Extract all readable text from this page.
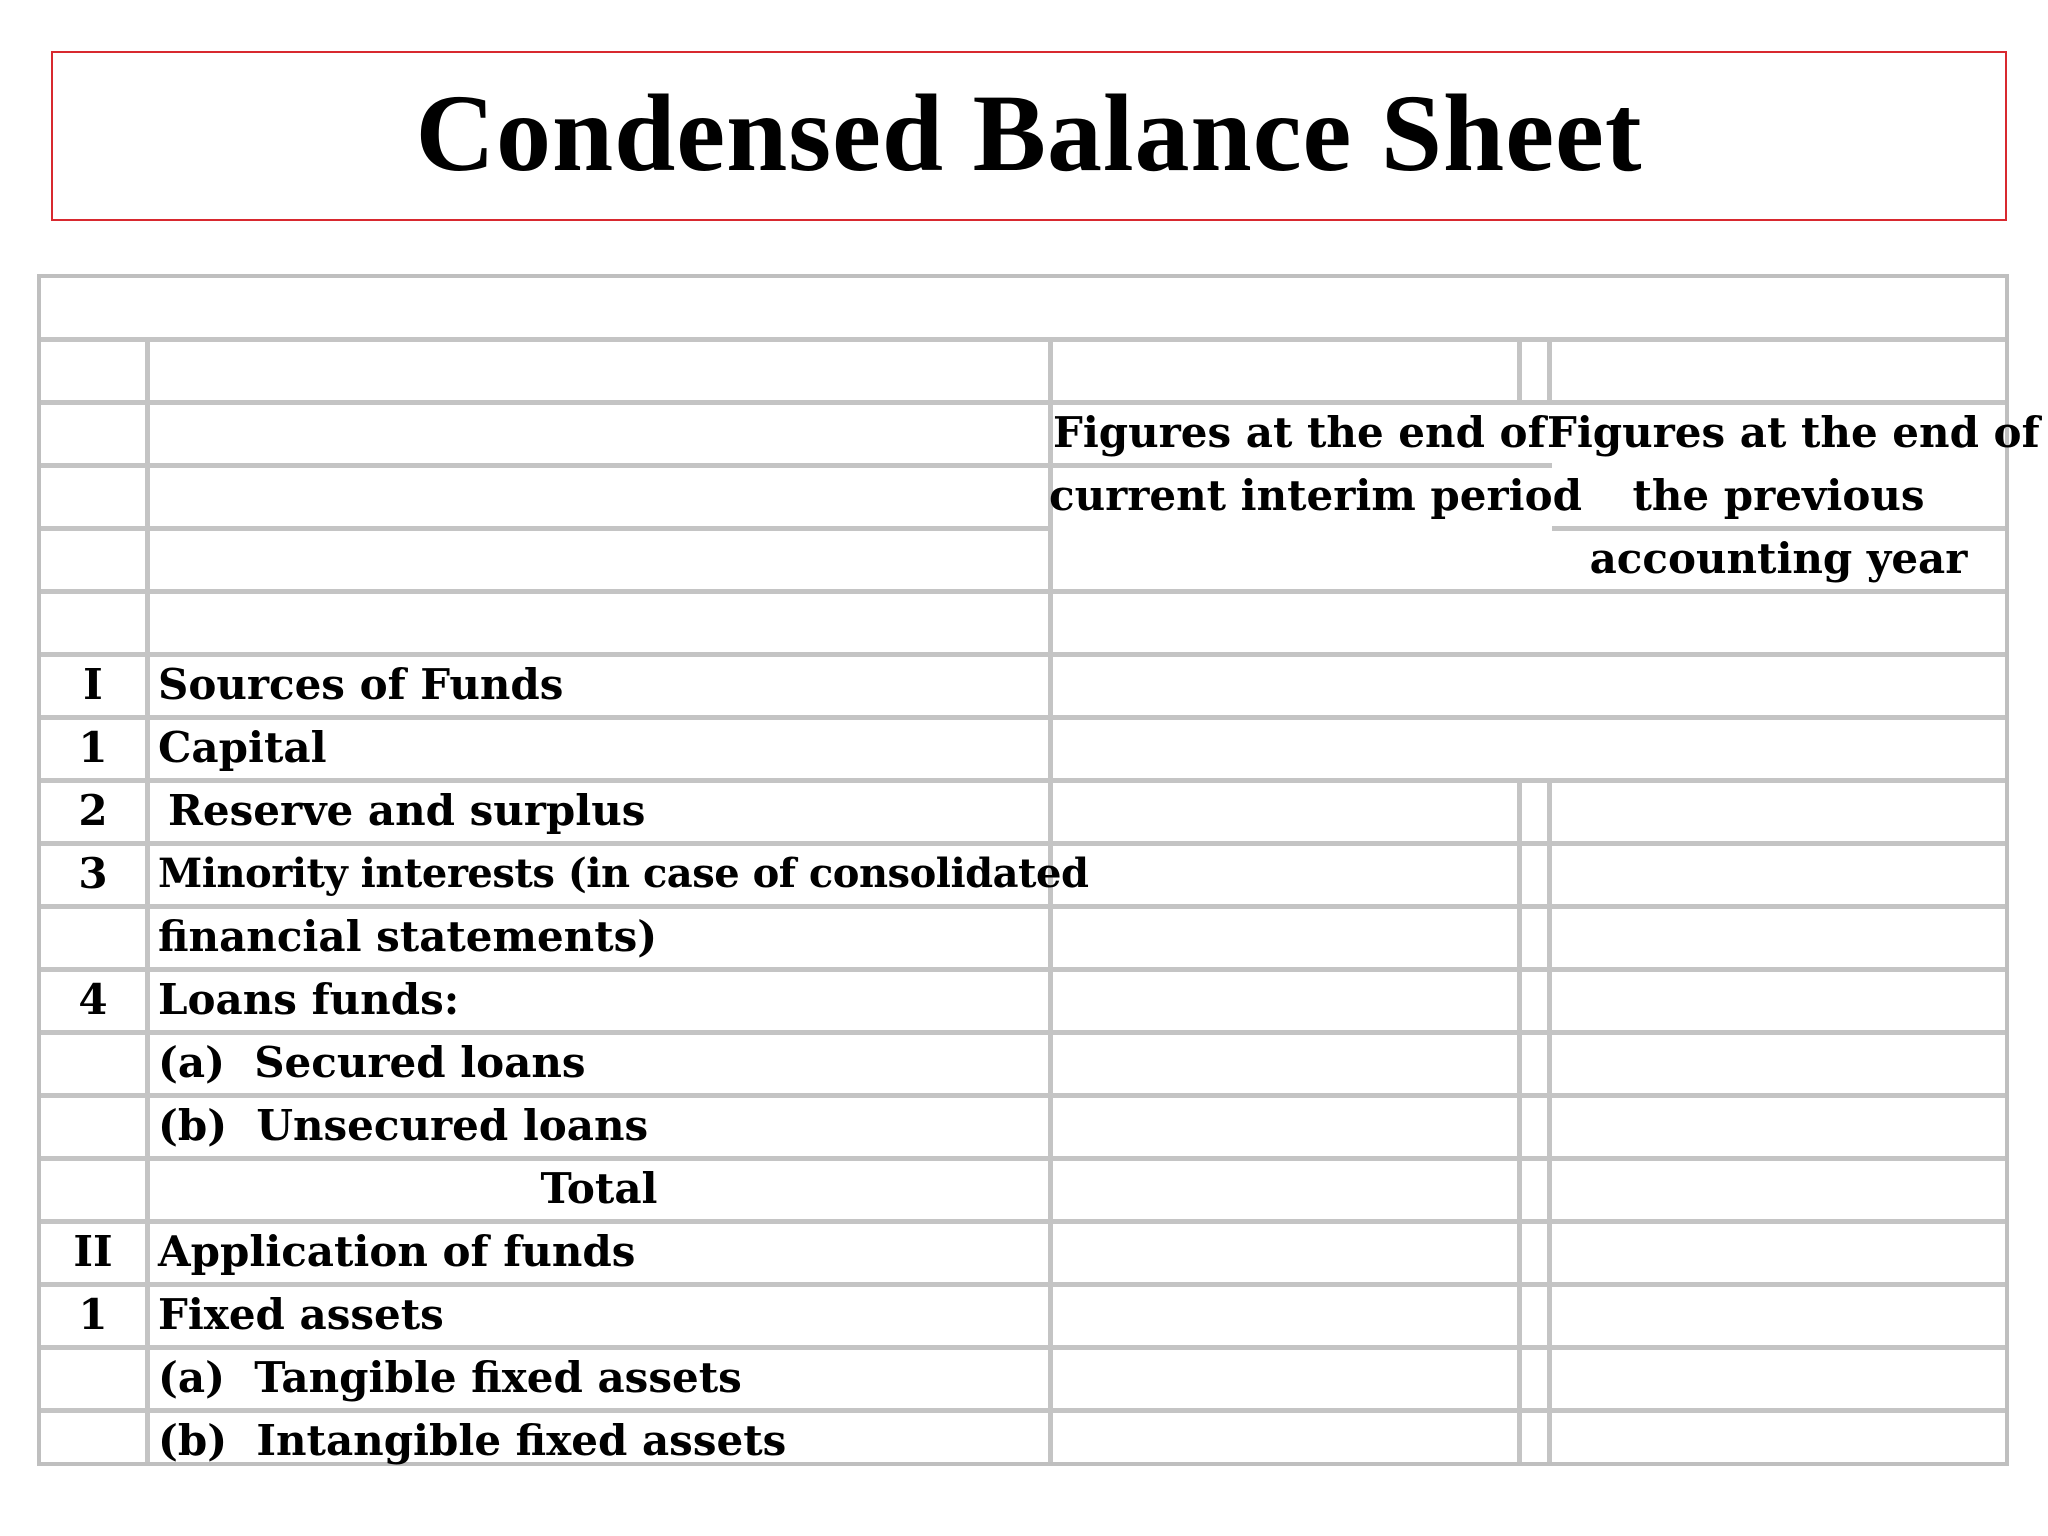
Condensed Balance Sheet
Figures at the end of
current interim period
Figures at the end of
the previous
accounting year
I	Sources of Funds
1	Capital
2	Reserve and surplus
3	Minority interests (in case of consolidated
financial statements)
4	Loans funds:
(a)  Secured loans
(b)  Unsecured loans
Total
II	Application of funds
1	Fixed assets
(a)  Tangible fixed assets
(b)  Intangible fixed assets
